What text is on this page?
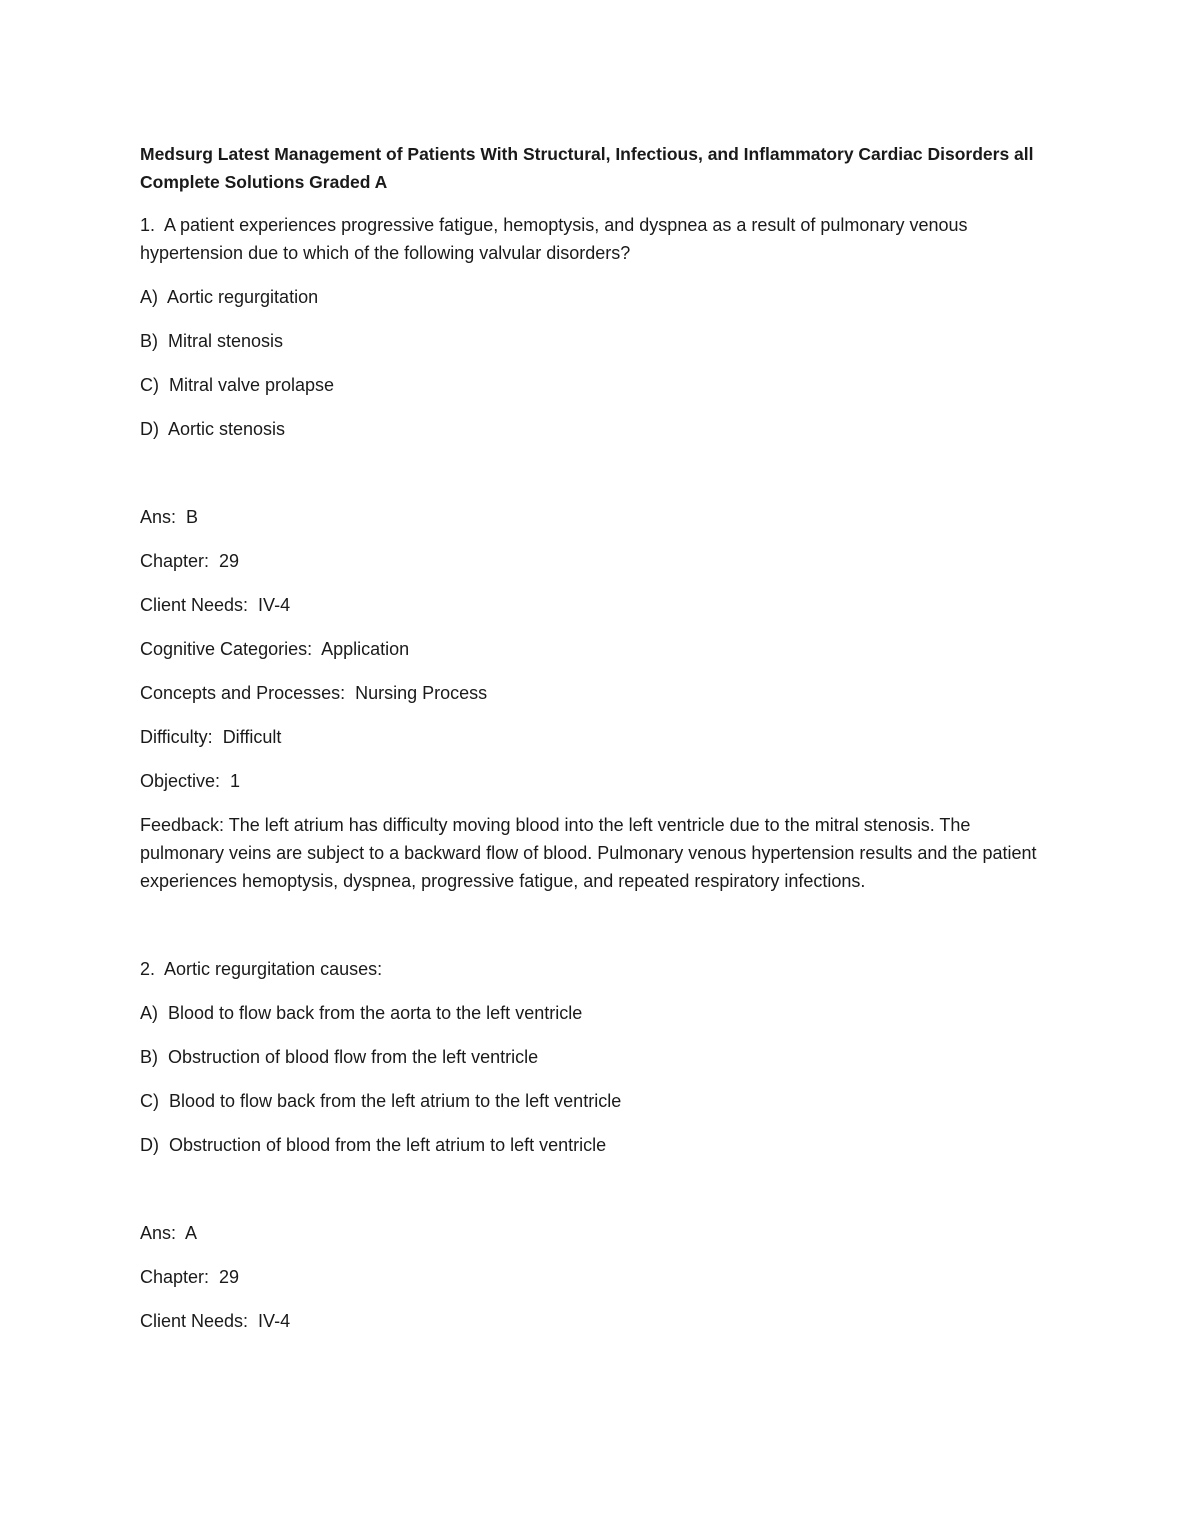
Medsurg Latest Management of Patients With Structural, Infectious, and Inflammatory Cardiac Disorders all Complete Solutions Graded A
1.  A patient experiences progressive fatigue, hemoptysis, and dyspnea as a result of pulmonary venous hypertension due to which of the following valvular disorders?
A)  Aortic regurgitation
B)  Mitral stenosis
C)  Mitral valve prolapse
D)  Aortic stenosis
Ans:  B
Chapter:  29
Client Needs:  IV-4
Cognitive Categories:  Application
Concepts and Processes:  Nursing Process
Difficulty:  Difficult
Objective:  1
Feedback: The left atrium has difficulty moving blood into the left ventricle due to the mitral stenosis. The pulmonary veins are subject to a backward flow of blood. Pulmonary venous hypertension results and the patient experiences hemoptysis, dyspnea, progressive fatigue, and repeated respiratory infections.
2.  Aortic regurgitation causes:
A)  Blood to flow back from the aorta to the left ventricle
B)  Obstruction of blood flow from the left ventricle
C)  Blood to flow back from the left atrium to the left ventricle
D)  Obstruction of blood from the left atrium to left ventricle
Ans:  A
Chapter:  29
Client Needs:  IV-4
